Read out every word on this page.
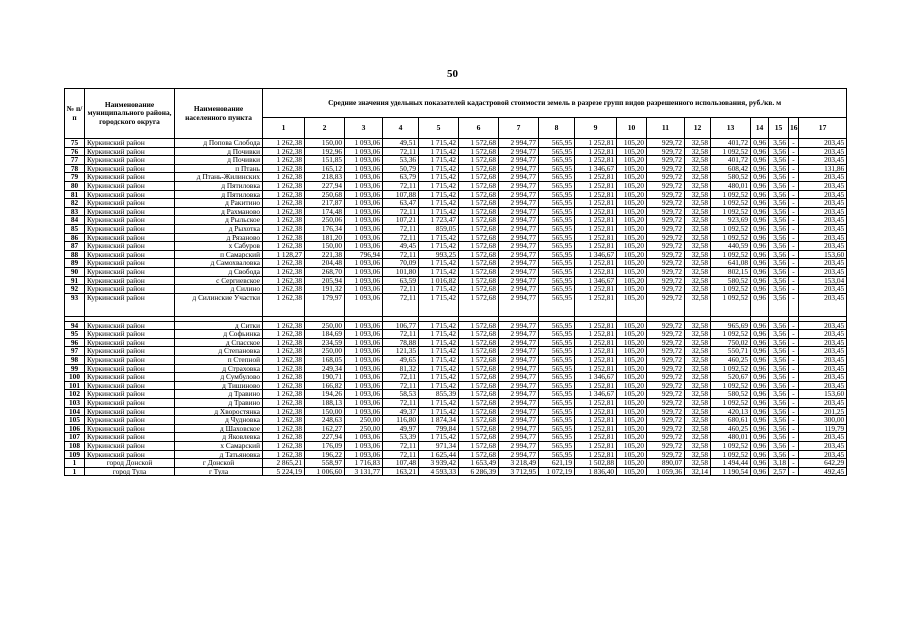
50
№ п/п	Наименование муниципального района, городского округа	Наименование населенного пункта	Средние значения удельных показателей кадастровой стоимости земель в разрезе групп видов разрешенного использования, руб./кв. м																
			1	2	3	4	5	6	7	8	9	10	11	12	13	14	15	16	17
75	Куркинский район	д Попова Слобода	1 262,38	150,00	1 093,06	49,51	1 715,42	1 572,68	2 994,77	565,95	1 252,81	105,20	929,72	32,58	401,72	0,96	3,56	-	203,45
76	Куркинский район	д Почивки	1 262,38	192,96	1 093,06	72,11	1 715,42	1 572,68	2 994,77	565,95	1 252,81	105,20	929,72	32,58	1 092,52	0,96	3,56	-	203,45
77	Куркинский район	д Почивки	1 262,38	151,85	1 093,06	53,36	1 715,42	1 572,68	2 994,77	565,95	1 252,81	105,20	929,72	32,58	401,72	0,96	3,56	-	203,45
78	Куркинский район	п Птань	1 262,38	165,12	1 093,06	50,79	1 715,42	1 572,68	2 994,77	565,95	1 346,67	105,20	929,72	32,58	608,42	0,96	3,56	-	131,86
79	Куркинский район	д Птань-Жилинских	1 262,38	218,83	1 093,06	63,79	1 715,42	1 572,68	2 994,77	565,95	1 252,81	105,20	929,72	32,58	580,52	0,96	3,56	-	203,45
80	Куркинский район	д Пятиловка	1 262,38	227,94	1 093,06	72,11	1 715,42	1 572,68	2 994,77	565,95	1 252,81	105,20	929,72	32,58	480,01	0,96	3,56	-	203,45
81	Куркинский район	д Пятиловка	1 262,38	250,68	1 093,06	107,88	1 715,42	1 572,68	2 994,77	565,95	1 252,81	105,20	929,72	32,58	1 092,52	0,96	3,56	-	203,45
82	Куркинский район	д Ракитино	1 262,38	217,87	1 093,06	63,47	1 715,42	1 572,68	2 994,77	565,95	1 252,81	105,20	929,72	32,58	1 092,52	0,96	3,56	-	203,45
83	Куркинский район	д Рахманово	1 262,38	174,48	1 093,06	72,11	1 715,42	1 572,68	2 994,77	565,95	1 252,81	105,20	929,72	32,58	1 092,52	0,96	3,56	-	203,45
84	Куркинский район	д Рыльское	1 262,38	250,06	1 093,06	107,21	1 723,47	1 572,68	2 994,77	565,95	1 252,81	105,20	929,72	32,58	923,69	0,96	3,56	-	203,45
85	Куркинский район	д Рыхотка	1 262,38	176,34	1 093,06	72,11	859,05	1 572,68	2 994,77	565,95	1 252,81	105,20	929,72	32,58	1 092,52	0,96	3,56	-	203,45
86	Куркинский район	д Рязаново	1 262,38	181,20	1 093,06	72,11	1 715,42	1 572,68	2 994,77	565,95	1 252,81	105,20	929,72	32,58	1 092,52	0,96	3,56	-	203,45
87	Куркинский район	х Сабуров	1 262,38	150,00	1 093,06	49,45	1 715,42	1 572,68	2 994,77	565,95	1 252,81	105,20	929,72	32,58	440,59	0,96	3,56	-	203,45
88	Куркинский район	п Самарский	1 128,27	221,38	796,94	72,11	993,25	1 572,68	2 994,77	565,95	1 346,67	105,20	929,72	32,58	1 092,52	0,96	3,56	-	153,60
89	Куркинский район	д Самохваловка	1 262,38	204,48	1 093,06	70,09	1 715,42	1 572,68	2 994,77	565,95	1 252,81	105,20	929,72	32,58	641,08	0,96	3,56	-	203,45
90	Куркинский район	д Свобода	1 262,38	268,70	1 093,06	101,80	1 715,42	1 572,68	2 994,77	565,95	1 252,81	105,20	929,72	32,58	802,15	0,96	3,56	-	203,45
91	Куркинский район	с Сергиевское	1 262,38	205,94	1 093,06	63,59	1 016,82	1 572,68	2 994,77	565,95	1 346,67	105,20	929,72	32,58	580,52	0,96	3,56	-	153,04
92	Куркинский район	д Силино	1 262,38	191,32	1 093,06	72,11	1 715,42	1 572,68	2 994,77	565,95	1 252,81	105,20	929,72	32,58	1 092,52	0,96	3,56	-	203,45
93	Куркинский район	д Силинские Участки	1 262,38	179,97	1 093,06	72,11	1 715,42	1 572,68	2 994,77	565,95	1 252,81	105,20	929,72	32,58	1 092,52	0,96	3,56	-	203,45

94	Куркинский район	д Ситки	1 262,38	250,00	1 093,06	106,77	1 715,42	1 572,68	2 994,77	565,95	1 252,81	105,20	929,72	32,58	965,69	0,96	3,56	-	203,45
95	Куркинский район	д Софьинка	1 262,38	184,69	1 093,06	72,11	1 715,42	1 572,68	2 994,77	565,95	1 252,81	105,20	929,72	32,58	1 092,52	0,96	3,56	-	203,45
96	Куркинский район	д Спасское	1 262,38	234,59	1 093,06	78,88	1 715,42	1 572,68	2 994,77	565,95	1 252,81	105,20	929,72	32,58	750,02	0,96	3,56	-	203,45
97	Куркинский район	д Степановка	1 262,38	250,00	1 093,06	121,35	1 715,42	1 572,68	2 994,77	565,95	1 252,81	105,20	929,72	32,58	550,71	0,96	3,56	-	203,45
98	Куркинский район	п Степной	1 262,38	168,05	1 093,06	49,65	1 715,42	1 572,68	2 994,77	565,95	1 252,81	105,20	929,72	32,58	460,25	0,96	3,56	-	203,45
99	Куркинский район	д Страховка	1 262,38	249,34	1 093,06	81,32	1 715,42	1 572,68	2 994,77	565,95	1 252,81	105,20	929,72	32,58	1 092,52	0,96	3,56	-	203,45
100	Куркинский район	д Сумбулово	1 262,38	190,71	1 093,06	72,11	1 715,42	1 572,68	2 994,77	565,95	1 346,67	105,20	929,72	32,58	520,67	0,96	3,56	-	203,45
101	Куркинский район	д Тишиново	1 262,38	166,82	1 093,06	72,11	1 715,42	1 572,68	2 994,77	565,95	1 252,81	105,20	929,72	32,58	1 092,52	0,96	3,56	-	203,45
102	Куркинский район	д Травино	1 262,38	194,26	1 093,06	58,53	855,39	1 572,68	2 994,77	565,95	1 346,67	105,20	929,72	32,58	580,52	0,96	3,56	-	153,60
103	Куркинский район	д Травино	1 262,38	188,13	1 093,06	72,11	1 715,42	1 572,68	2 994,77	565,95	1 252,81	105,20	929,72	32,58	1 092,52	0,96	3,56	-	203,45
104	Куркинский район	д Хворостянка	1 262,38	150,00	1 093,06	49,37	1 715,42	1 572,68	2 994,77	565,95	1 252,81	105,20	929,72	32,58	420,13	0,96	3,56	-	201,25
105	Куркинский район	д Чудновка	1 262,38	248,63	250,00	116,80	1 874,34	1 572,68	2 994,77	565,95	1 252,81	105,20	929,72	32,58	680,61	0,96	3,56	-	300,00
106	Куркинский район	д Шаховское	1 262,38	162,27	250,00	49,97	799,84	1 572,68	2 994,77	565,95	1 252,81	105,20	929,72	32,58	460,25	0,96	3,56	-	119,79
107	Куркинский район	д Яковлевка	1 262,38	227,94	1 093,06	53,39	1 715,42	1 572,68	2 994,77	565,95	1 252,81	105,20	929,72	32,58	480,01	0,96	3,56	-	203,45
108	Куркинский район	х Самарский	1 262,38	176,09	1 093,06	72,11	971,34	1 572,68	2 994,77	565,95	1 252,81	105,20	929,72	32,58	1 092,52	0,96	3,56	-	203,45
109	Куркинский район	д Татьяновка	1 262,38	196,22	1 093,06	72,11	1 625,44	1 572,68	2 994,77	565,95	1 252,81	105,20	929,72	32,58	1 092,52	0,96	3,56	-	203,45
1	город Донской	г Донской	2 865,21	558,97	1 716,83	107,48	3 939,42	1 653,49	3 218,49	621,19	1 502,88	105,20	890,07	32,58	1 494,44	0,96	3,18	-	642,29
1	город Тула	г Тула	5 224,19	1 006,60	3 131,77	163,21	4 593,33	6 286,39	3 712,95	1 072,19	1 836,40	105,20	1 059,36	32,14	1 190,54	0,96	2,57	-	492,45
